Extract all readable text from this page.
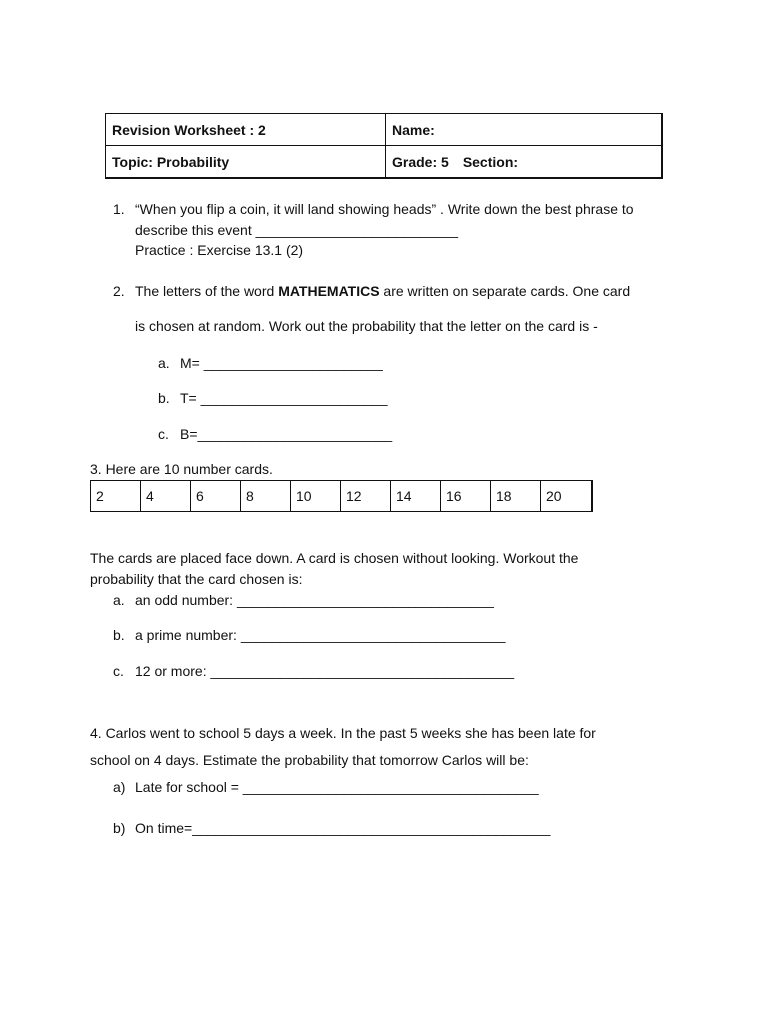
Revision Worksheet : 2	Name:
Topic: Probability	Grade: 5 Section:
1. “When you flip a coin, it will land showing heads” . Write down the best phrase to
describe this event __________________________
Practice : Exercise 13.1 (2)
2. The letters of the word MATHEMATICS are written on separate cards. One card
is chosen at random. Work out the probability that the letter on the card is -
a. M= _______________________
b. T= ________________________
c. B=_________________________
3. Here are 10 number cards.
2	4	6	8	10	12	14	16	18	20
The cards are placed face down. A card is chosen without looking. Workout the
probability that the card chosen is:
a. an odd number: _________________________________
b. a prime number: __________________________________
c. 12 or more: _______________________________________
4. Carlos went to school 5 days a week. In the past 5 weeks she has been late for
school on 4 days. Estimate the probability that tomorrow Carlos will be:
a) Late for school = ______________________________________
b) On time=______________________________________________
